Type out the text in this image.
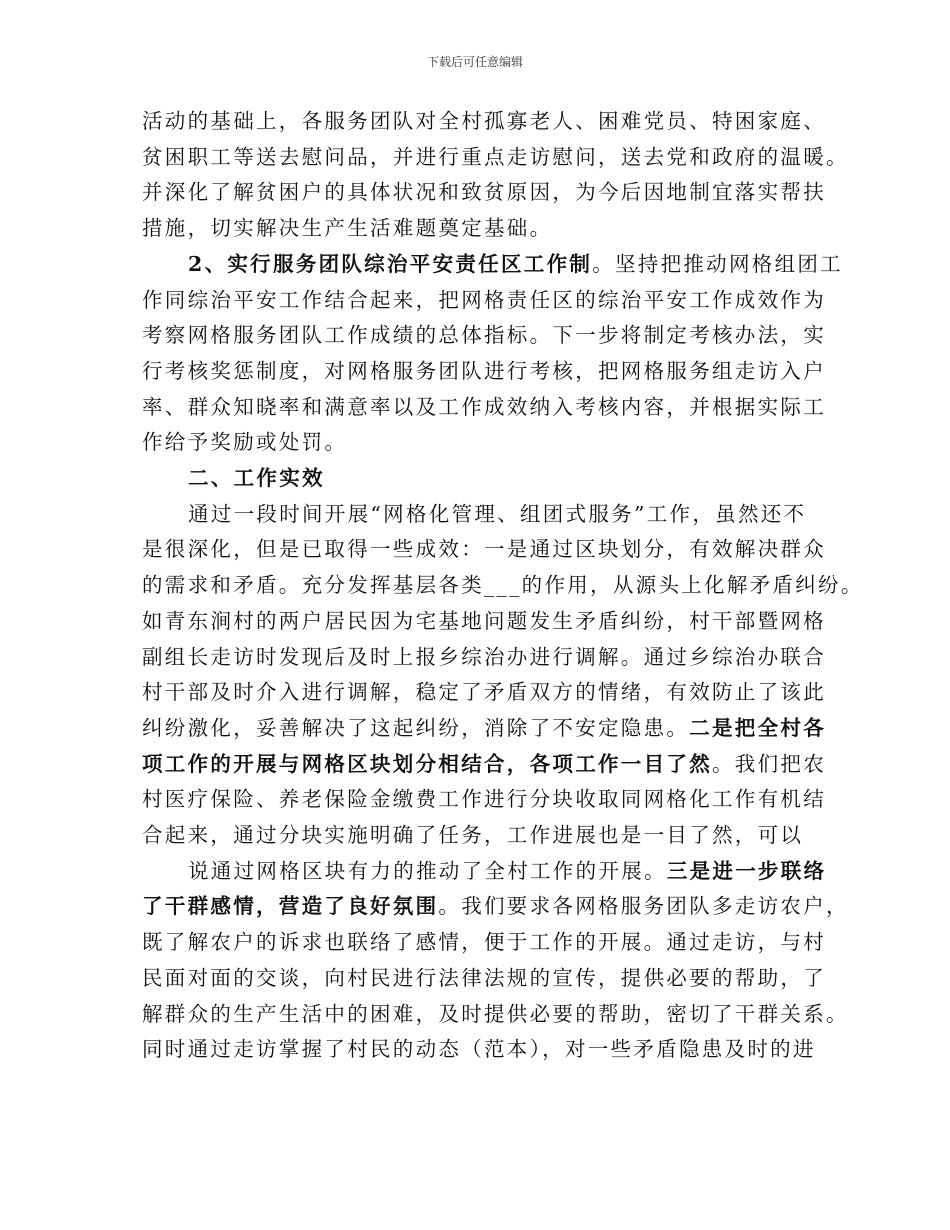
下载后可任意编辑
活动的基础上，各服务团队对全村孤寡老人、困难党员、特困家庭、
贫困职工等送去慰问品，并进行重点走访慰问，送去党和政府的温暖。
并深化了解贫困户的具体状况和致贫原因，为今后因地制宜落实帮扶
措施，切实解决生产生活难题奠定基础。
2、实行服务团队综治平安责任区工作制。坚持把推动网格组团工
作同综治平安工作结合起来，把网格责任区的综治平安工作成效作为
考察网格服务团队工作成绩的总体指标。下一步将制定考核办法，实
行考核奖惩制度，对网格服务团队进行考核，把网格服务组走访入户
率、群众知晓率和满意率以及工作成效纳入考核内容，并根据实际工
作给予奖励或处罚。
二、工作实效
通过一段时间开展“网格化管理、组团式服务”工作，虽然还不
是很深化，但是已取得一些成效：一是通过区块划分，有效解决群众
的需求和矛盾。充分发挥基层各类___的作用，从源头上化解矛盾纠纷。
如青东涧村的两户居民因为宅基地问题发生矛盾纠纷，村干部暨网格
副组长走访时发现后及时上报乡综治办进行调解。通过乡综治办联合
村干部及时介入进行调解，稳定了矛盾双方的情绪，有效防止了该此
纠纷激化，妥善解决了这起纠纷，消除了不安定隐患。二是把全村各
项工作的开展与网格区块划分相结合，各项工作一目了然。我们把农
村医疗保险、养老保险金缴费工作进行分块收取同网格化工作有机结
合起来，通过分块实施明确了任务，工作进展也是一目了然，可以
说通过网格区块有力的推动了全村工作的开展。三是进一步联络
了干群感情，营造了良好氛围。我们要求各网格服务团队多走访农户，
既了解农户的诉求也联络了感情，便于工作的开展。通过走访，与村
民面对面的交谈，向村民进行法律法规的宣传，提供必要的帮助，了
解群众的生产生活中的困难，及时提供必要的帮助，密切了干群关系。
同时通过走访掌握了村民的动态（范本），对一些矛盾隐患及时的进
